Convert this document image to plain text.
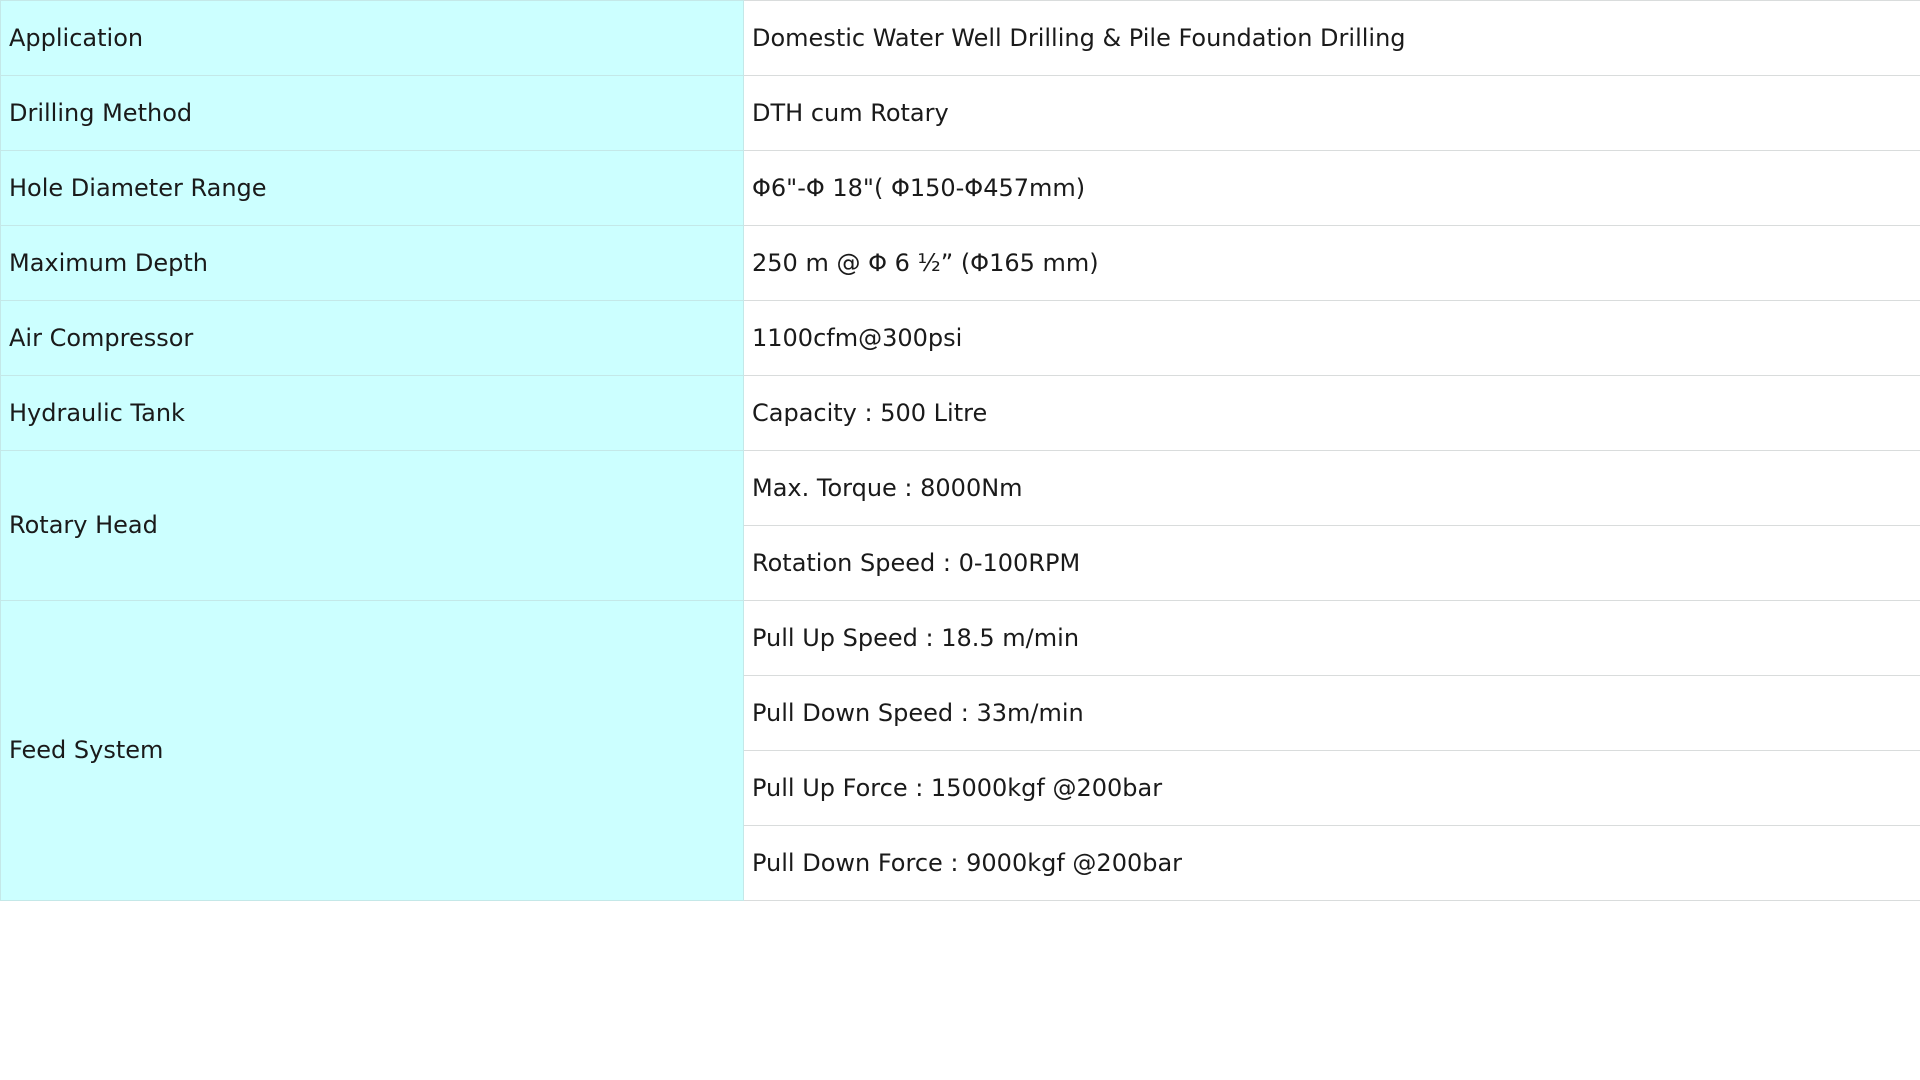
Application	Domestic Water Well Drilling & Pile Foundation Drilling
Drilling Method	DTH cum Rotary
Hole Diameter Range	Φ6"-Φ 18"( Φ150-Φ457mm)
Maximum Depth	250 m @ Φ 6 ½” (Φ165 mm)
Air Compressor	1100cfm@300psi
Hydraulic Tank	Capacity : 500 Litre
Rotary Head	Max. Torque : 8000Nm
	Rotation Speed : 0-100RPM
Feed System	Pull Up Speed : 18.5 m/min
	Pull Down Speed : 33m/min
	Pull Up Force : 15000kgf @200bar
	Pull Down Force : 9000kgf @200bar
